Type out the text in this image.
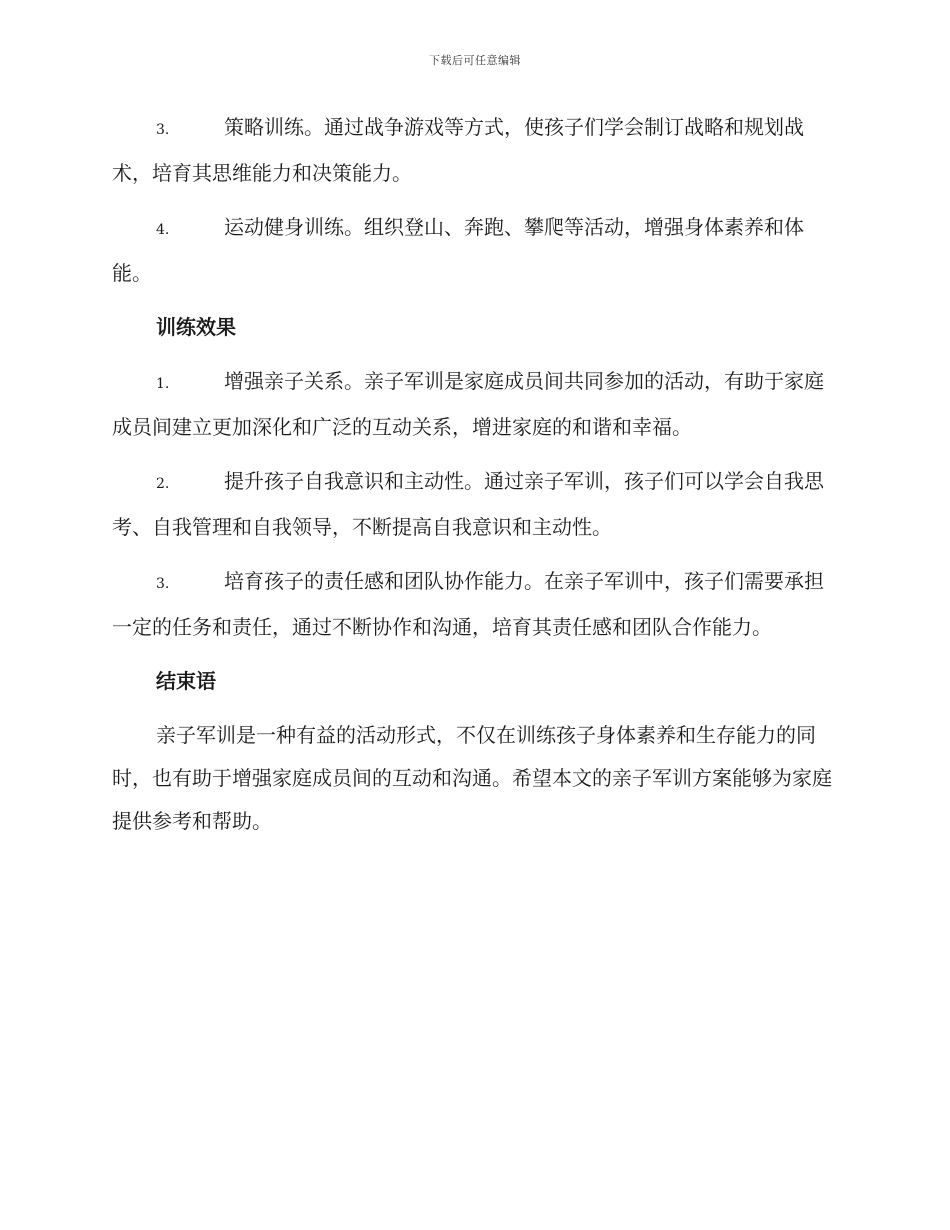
下载后可任意编辑

3.	策略训练。通过战争游戏等方式，使孩子们学会制订战略和规划战术，培育其思维能力和决策能力。

4.	运动健身训练。组织登山、奔跑、攀爬等活动，增强身体素养和体能。

训练效果

1.	增强亲子关系。亲子军训是家庭成员间共同参加的活动，有助于家庭成员间建立更加深化和广泛的互动关系，增进家庭的和谐和幸福。

2.	提升孩子自我意识和主动性。通过亲子军训，孩子们可以学会自我思考、自我管理和自我领导，不断提高自我意识和主动性。

3.	培育孩子的责任感和团队协作能力。在亲子军训中，孩子们需要承担一定的任务和责任，通过不断协作和沟通，培育其责任感和团队合作能力。

结束语

亲子军训是一种有益的活动形式，不仅在训练孩子身体素养和生存能力的同时，也有助于增强家庭成员间的互动和沟通。希望本文的亲子军训方案能够为家庭提供参考和帮助。
